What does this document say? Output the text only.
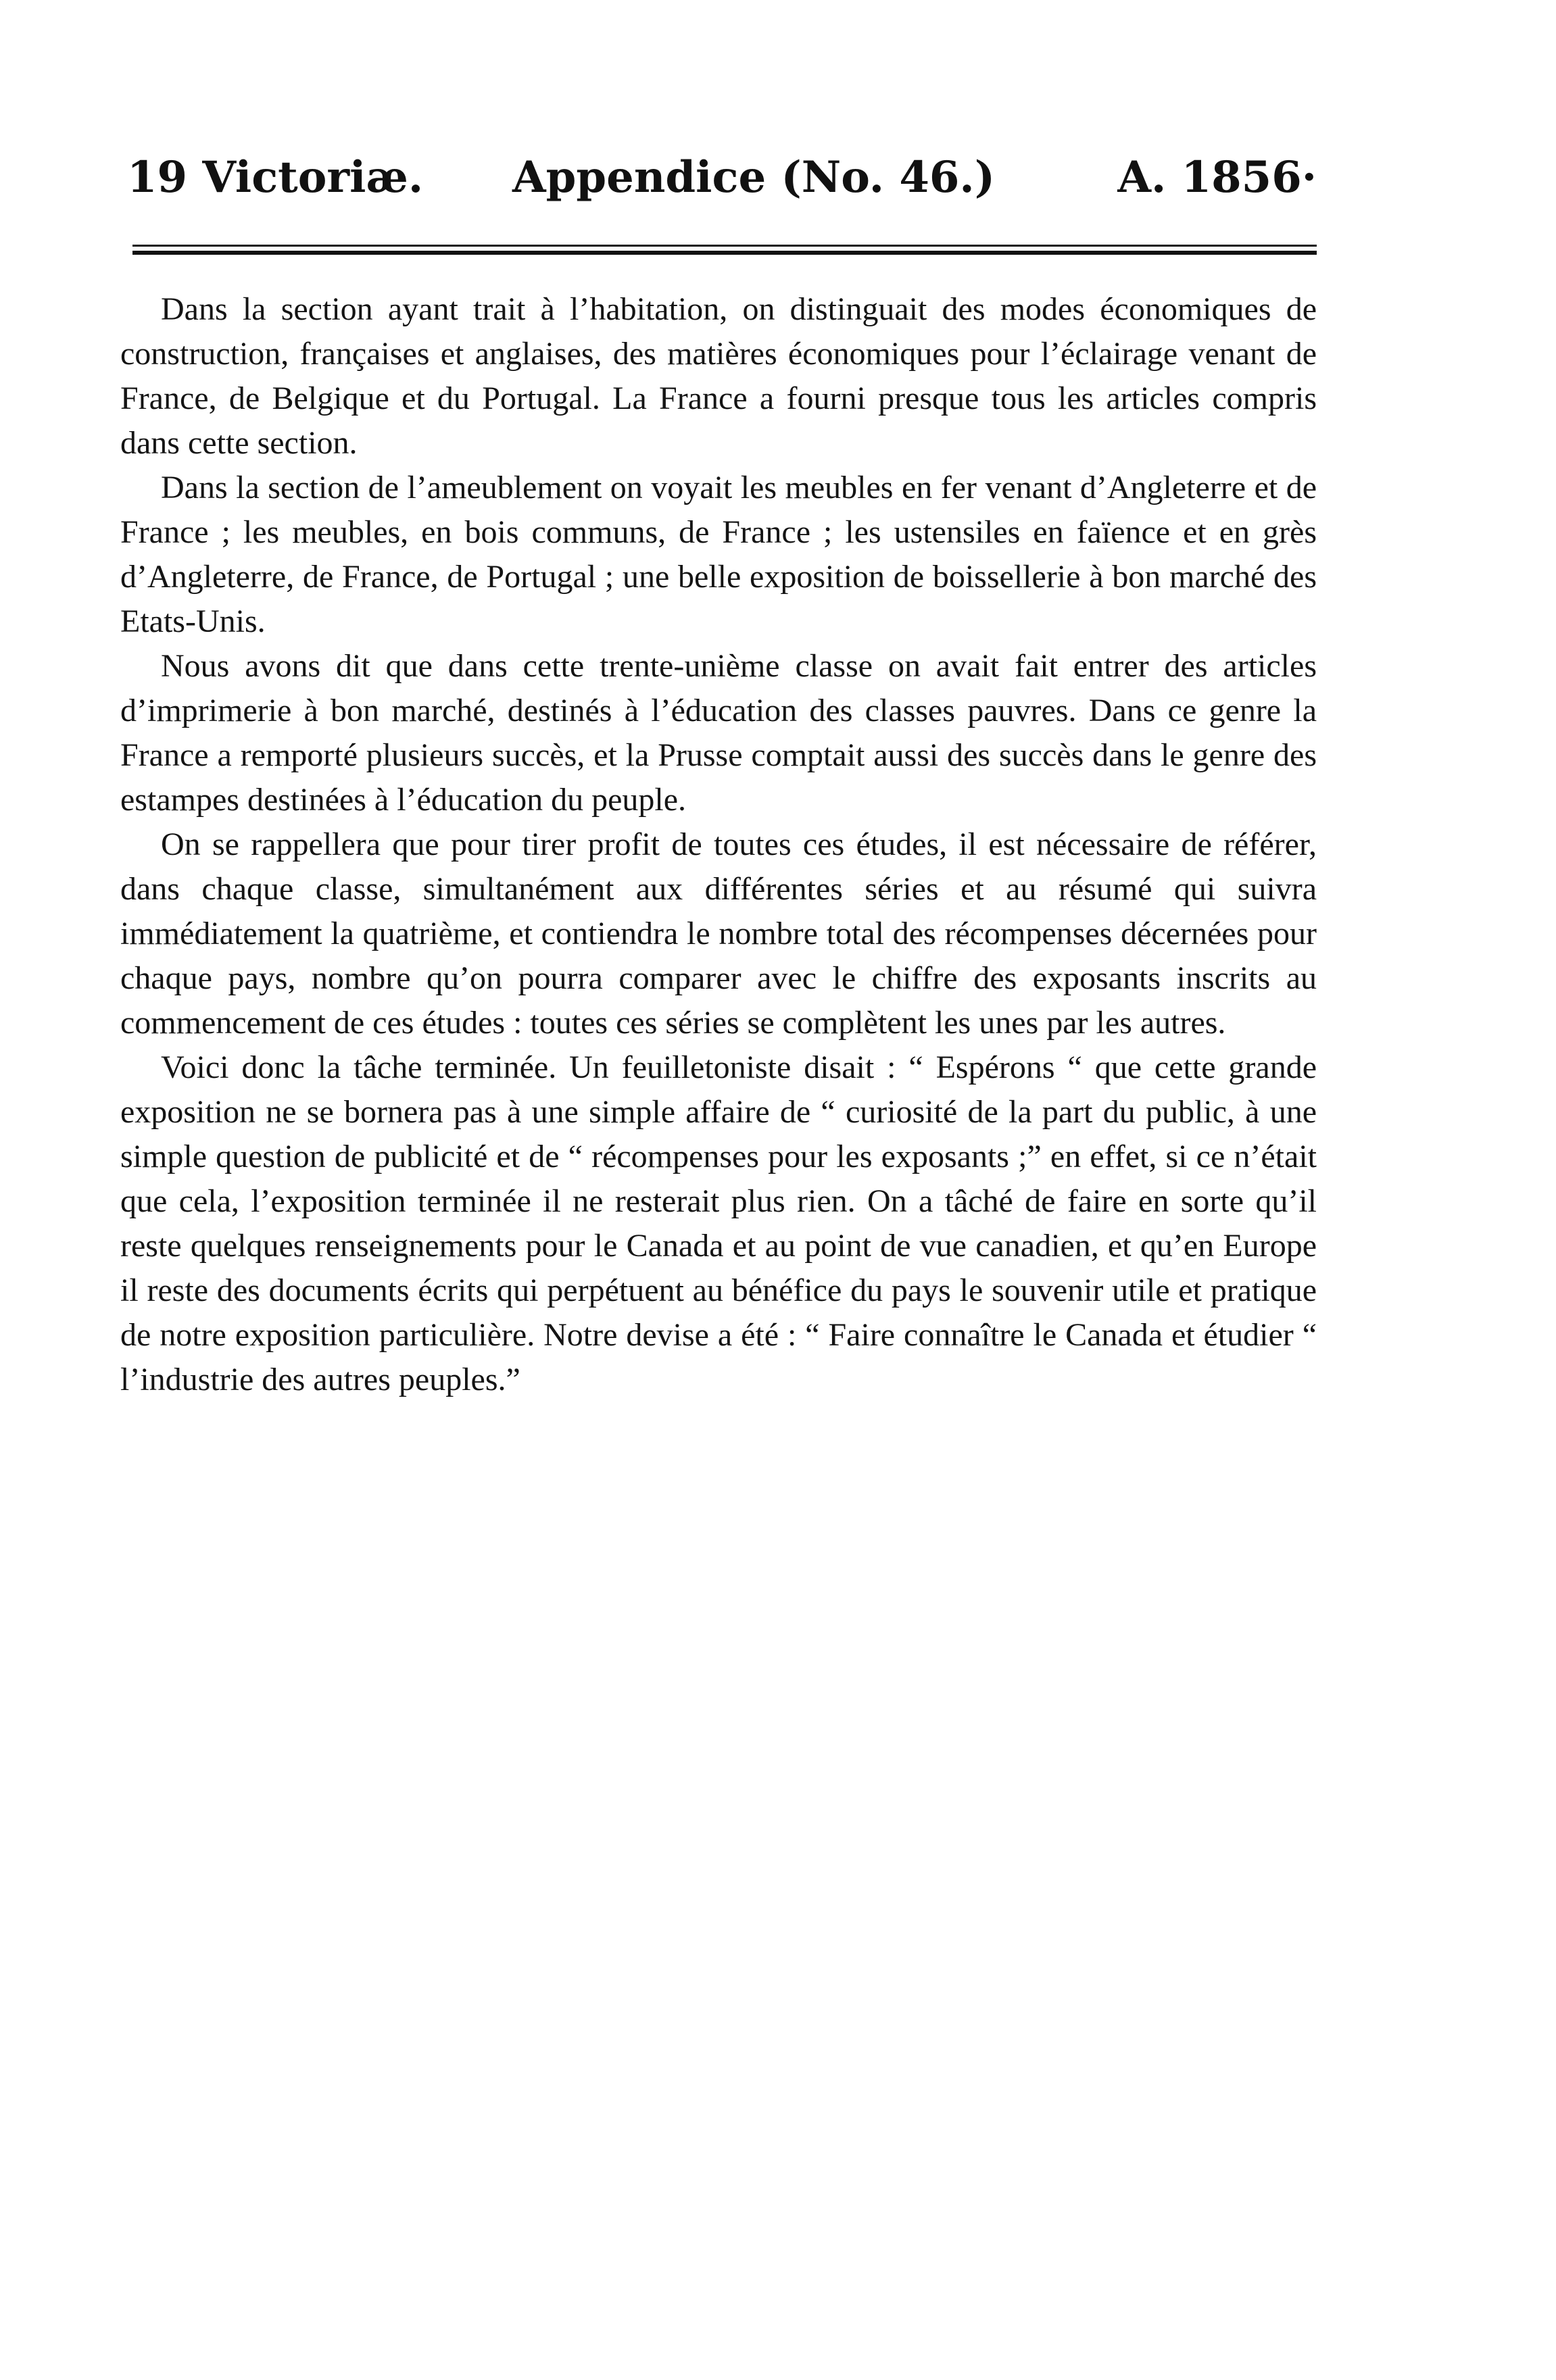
19 Victoriæ. Appendice (No. 46.)	A. 1856·

Dans la section ayant trait à l’habitation, on distinguait des modes économiques de construction, françaises et anglaises, des matières économiques pour l’éclairage venant de France, de Belgique et du Portugal. La France a fourni presque tous les articles compris dans cette section.

Dans la section de l’ameublement on voyait les meubles en fer venant d’Angleterre et de France ; les meubles, en bois communs, de France ; les ustensiles en faïence et en grès d’Angleterre, de France, de Portugal ; une belle exposition de boissellerie à bon marché des Etats-Unis.

Nous avons dit que dans cette trente-unième classe on avait fait entrer des articles d’imprimerie à bon marché, destinés à l’éducation des classes pauvres. Dans ce genre la France a remporté plusieurs succès, et la Prusse comptait aussi des succès dans le genre des estampes destinées à l’éducation du peuple.

On se rappellera que pour tirer profit de toutes ces études, il est nécessaire de référer, dans chaque classe, simultanément aux différentes séries et au résumé qui suivra immédiatement la quatrième, et contiendra le nombre total des récompenses décernées pour chaque pays, nombre qu’on pourra comparer avec le chiffre des exposants inscrits au commencement de ces études : toutes ces séries se complètent les unes par les autres.

Voici donc la tâche terminée. Un feuilletoniste disait : “ Espérons “ que cette grande exposition ne se bornera pas à une simple affaire de “ curiosité de la part du public, à une simple question de publicité et de “ récompenses pour les exposants ;” en effet, si ce n’était que cela, l’exposition terminée il ne resterait plus rien. On a tâché de faire en sorte qu’il reste quelques renseignements pour le Canada et au point de vue canadien, et qu’en Europe il reste des documents écrits qui perpétuent au bénéfice du pays le souvenir utile et pratique de notre exposition particulière. Notre devise a été : “ Faire connaître le Canada et étudier “ l’industrie des autres peuples.”
